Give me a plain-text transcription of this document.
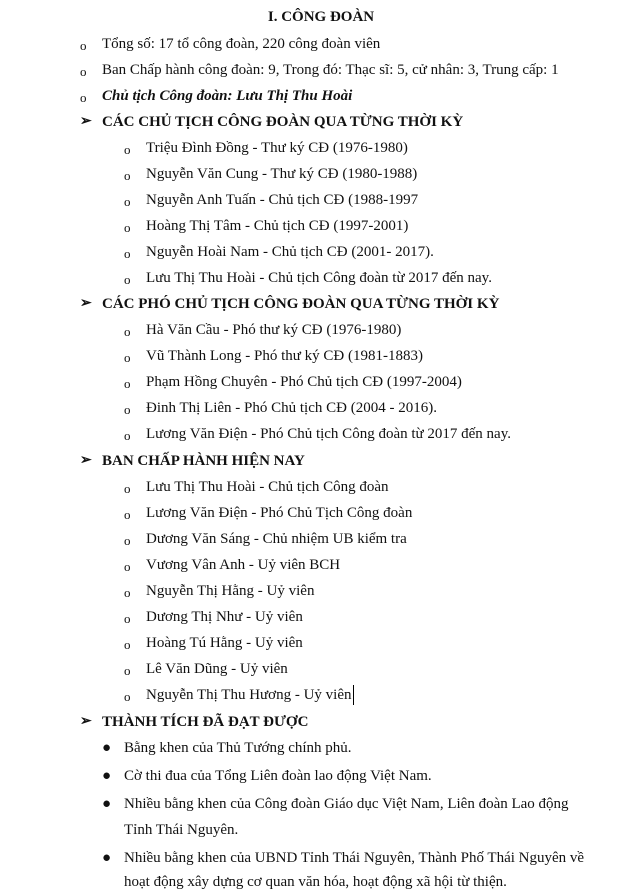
I. CÔNG ĐOÀN
o Tổng số: 17 tổ công đoàn, 220 công đoàn viên
o Ban Chấp hành công đoàn: 9, Trong đó: Thạc sĩ: 5, cử nhân: 3, Trung cấp: 1
o Chủ tịch Công đoàn: Lưu Thị Thu Hoài
➢ CÁC CHỦ TỊCH CÔNG ĐOÀN QUA TỪNG THỜI KỲ
o Triệu Đình Đồng - Thư ký CĐ (1976-1980)
o Nguyễn Văn Cung - Thư ký CĐ (1980-1988)
o Nguyễn Anh Tuấn - Chủ tịch CĐ (1988-1997
o Hoàng Thị Tâm - Chủ tịch CĐ (1997-2001)
o Nguyễn Hoài Nam - Chủ tịch CĐ (2001- 2017).
o Lưu Thị Thu Hoài - Chủ tịch Công đoàn từ 2017 đến nay.
➢ CÁC PHÓ CHỦ TỊCH CÔNG ĐOÀN QUA TỪNG THỜI KỲ
o Hà Văn Cầu - Phó thư ký CĐ (1976-1980)
o Vũ Thành Long - Phó thư ký CĐ (1981-1883)
o Phạm Hồng Chuyên - Phó Chủ tịch CĐ (1997-2004)
o Đinh Thị Liên - Phó Chủ tịch CĐ (2004 - 2016).
o Lương Văn Điện - Phó Chủ tịch Công đoàn từ 2017 đến nay.
➢ BAN CHẤP HÀNH HIỆN NAY
o Lưu Thị Thu Hoài - Chủ tịch Công đoàn
o Lương Văn Điện - Phó Chủ Tịch Công đoàn
o Dương Văn Sáng - Chủ nhiệm UB kiểm tra
o Vương Vân Anh - Uỷ viên BCH
o Nguyễn Thị Hằng - Uỷ viên
o Dương Thị Như - Uỷ viên
o Hoàng Tú Hằng - Uỷ viên
o Lê Văn Dũng - Uỷ viên
o Nguyễn Thị Thu Hương - Uỷ viên
➢ THÀNH TÍCH ĐÃ ĐẠT ĐƯỢC
● Bằng khen của Thủ Tướng chính phủ.
● Cờ thi đua của Tổng Liên đoàn lao động Việt Nam.
● Nhiều bằng khen của Công đoàn Giáo dục Việt Nam, Liên đoàn Lao động
Tỉnh Thái Nguyên.
● Nhiều bằng khen của UBND Tỉnh Thái Nguyên, Thành Phố Thái Nguyên về
hoạt động xây dựng cơ quan văn hóa, hoạt động xã hội từ thiện.
